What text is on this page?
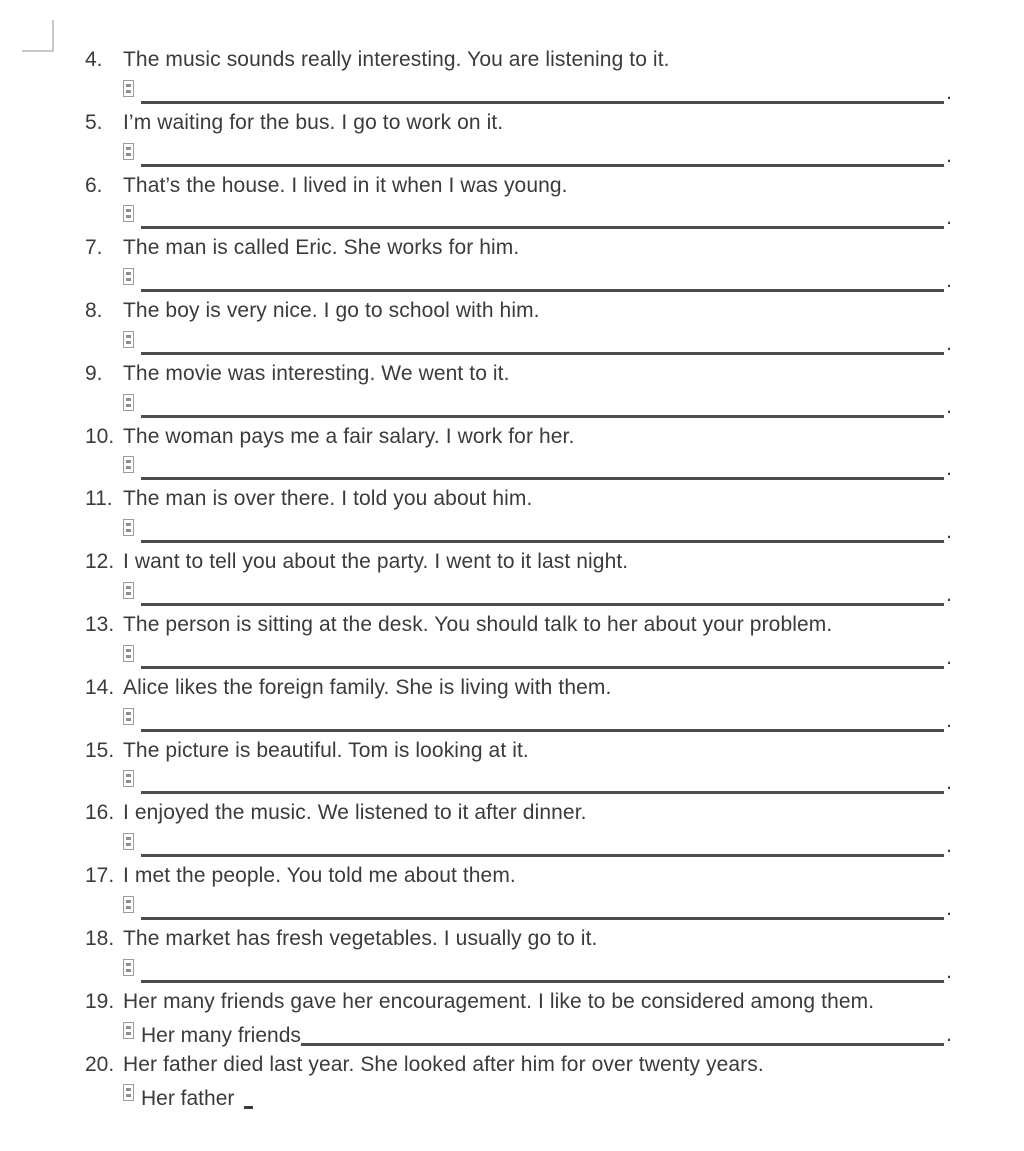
4. The music sounds really interesting. You are listening to it.
.
5. I’m waiting for the bus. I go to work on it.
.
6. That’s the house. I lived in it when I was young.
.
7. The man is called Eric. She works for him.
.
8. The boy is very nice. I go to school with him.
.
9. The movie was interesting. We went to it.
.
10. The woman pays me a fair salary. I work for her.
.
11. The man is over there. I told you about him.
.
12. I want to tell you about the party. I went to it last night.
.
13. The person is sitting at the desk. You should talk to her about your problem.
.
14. Alice likes the foreign family. She is living with them.
.
15. The picture is beautiful. Tom is looking at it.
.
16. I enjoyed the music. We listened to it after dinner.
.
17. I met the people. You told me about them.
.
18. The market has fresh vegetables. I usually go to it.
.
19. Her many friends gave her encouragement. I like to be considered among them.
Her many friends	.
20. Her father died last year. She looked after him for over twenty years.
Her father
